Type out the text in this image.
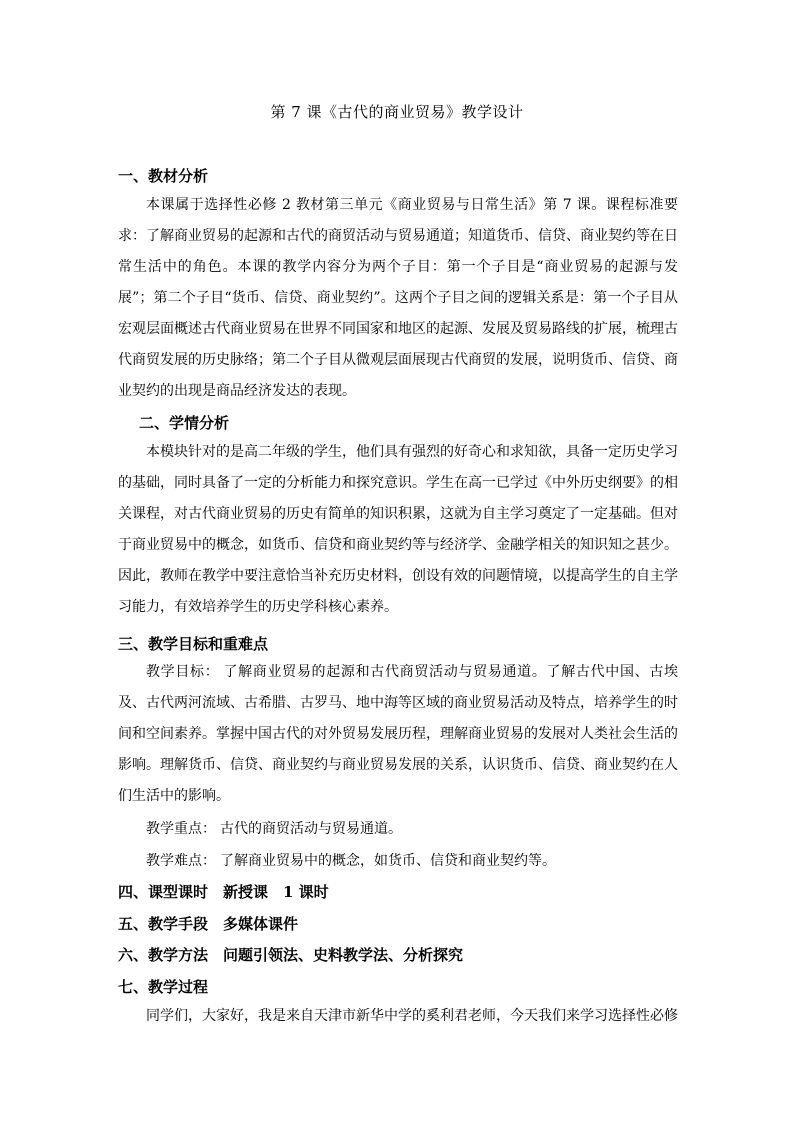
第 7 课《古代的商业贸易》教学设计
一、教材分析
本课属于选择性必修 2 教材第三单元《商业贸易与日常生活》第 7 课。课程标准要求：了解商业贸易的起源和古代的商贸活动与贸易通道；知道货币、信贷、商业契约等在日常生活中的角色。本课的教学内容分为两个子目：第一个子目是“商业贸易的起源与发展”；第二个子目“货币、信贷、商业契约”。这两个子目之间的逻辑关系是：第一个子目从宏观层面概述古代商业贸易在世界不同国家和地区的起源、发展及贸易路线的扩展，梳理古代商贸发展的历史脉络；第二个子目从微观层面展现古代商贸的发展，说明货币、信贷、商业契约的出现是商品经济发达的表现。
二、学情分析
本模块针对的是高二年级的学生，他们具有强烈的好奇心和求知欲，具备一定历史学习的基础，同时具备了一定的分析能力和探究意识。学生在高一已学过《中外历史纲要》的相关课程，对古代商业贸易的历史有简单的知识积累，这就为自主学习奠定了一定基础。但对于商业贸易中的概念，如货币、信贷和商业契约等与经济学、金融学相关的知识知之甚少。因此，教师在教学中要注意恰当补充历史材料，创设有效的问题情境，以提高学生的自主学习能力，有效培养学生的历史学科核心素养。
三、教学目标和重难点
教学目标： 了解商业贸易的起源和古代商贸活动与贸易通道。了解古代中国、古埃及、古代两河流域、古希腊、古罗马、地中海等区域的商业贸易活动及特点，培养学生的时间和空间素养。掌握中国古代的对外贸易发展历程，理解商业贸易的发展对人类社会生活的影响。理解货币、信贷、商业契约与商业贸易发展的关系，认识货币、信贷、商业契约在人们生活中的影响。
教学重点： 古代的商贸活动与贸易通道。
教学难点： 了解商业贸易中的概念，如货币、信贷和商业契约等。
四、课型课时　新授课　1 课时
五、教学手段　多媒体课件
六、教学方法　问题引领法、史料教学法、分析探究
七、教学过程
同学们，大家好，我是来自天津市新华中学的奚利君老师，今天我们来学习选择性必修
